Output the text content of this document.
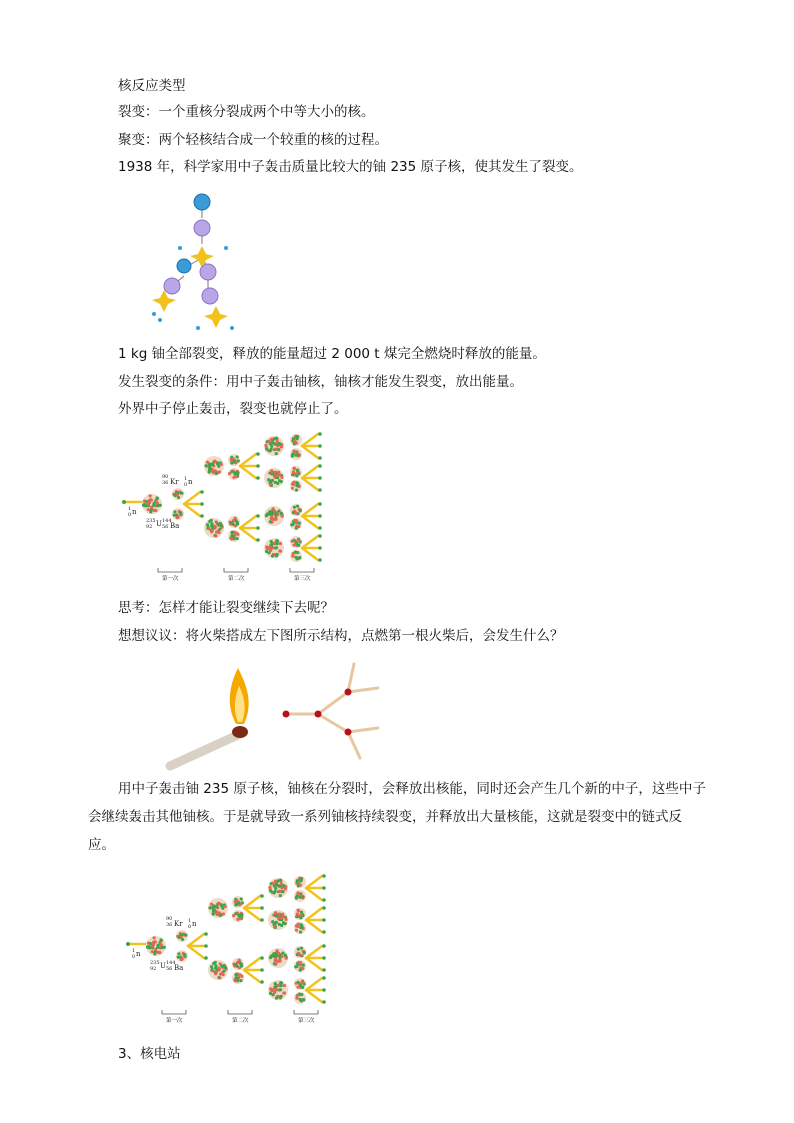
核反应类型
裂变：一个重核分裂成两个中等大小的核。
聚变：两个轻核结合成一个较重的核的过程。
1938 年，科学家用中子轰击质量比较大的铀 235 原子核，使其发生了裂变。
1 kg 铀全部裂变，释放的能量超过 2 000 t 煤完全燃烧时释放的能量。
发生裂变的条件：用中子轰击铀核，铀核才能发生裂变，放出能量。
外界中子停止轰击，裂变也就停止了。
1
0 n
235
92 U
90
36 Kr
144
56 Ba
1
0 n
第一次	第二次	第三次
思考：怎样才能让裂变继续下去呢？
想想议议：将火柴搭成左下图所示结构，点燃第一根火柴后，会发生什么？
用中子轰击铀 235 原子核，铀核在分裂时，会释放出核能，同时还会产生几个新的中子，这些中子会继续轰击其他铀核。于是就导致一系列铀核持续裂变，并释放出大量核能，这就是裂变中的链式反应。
1
0 n
235
92 U
90
36 Kr
144
56 Ba
1
0 n
第一次	第二次	第三次
3、核电站
